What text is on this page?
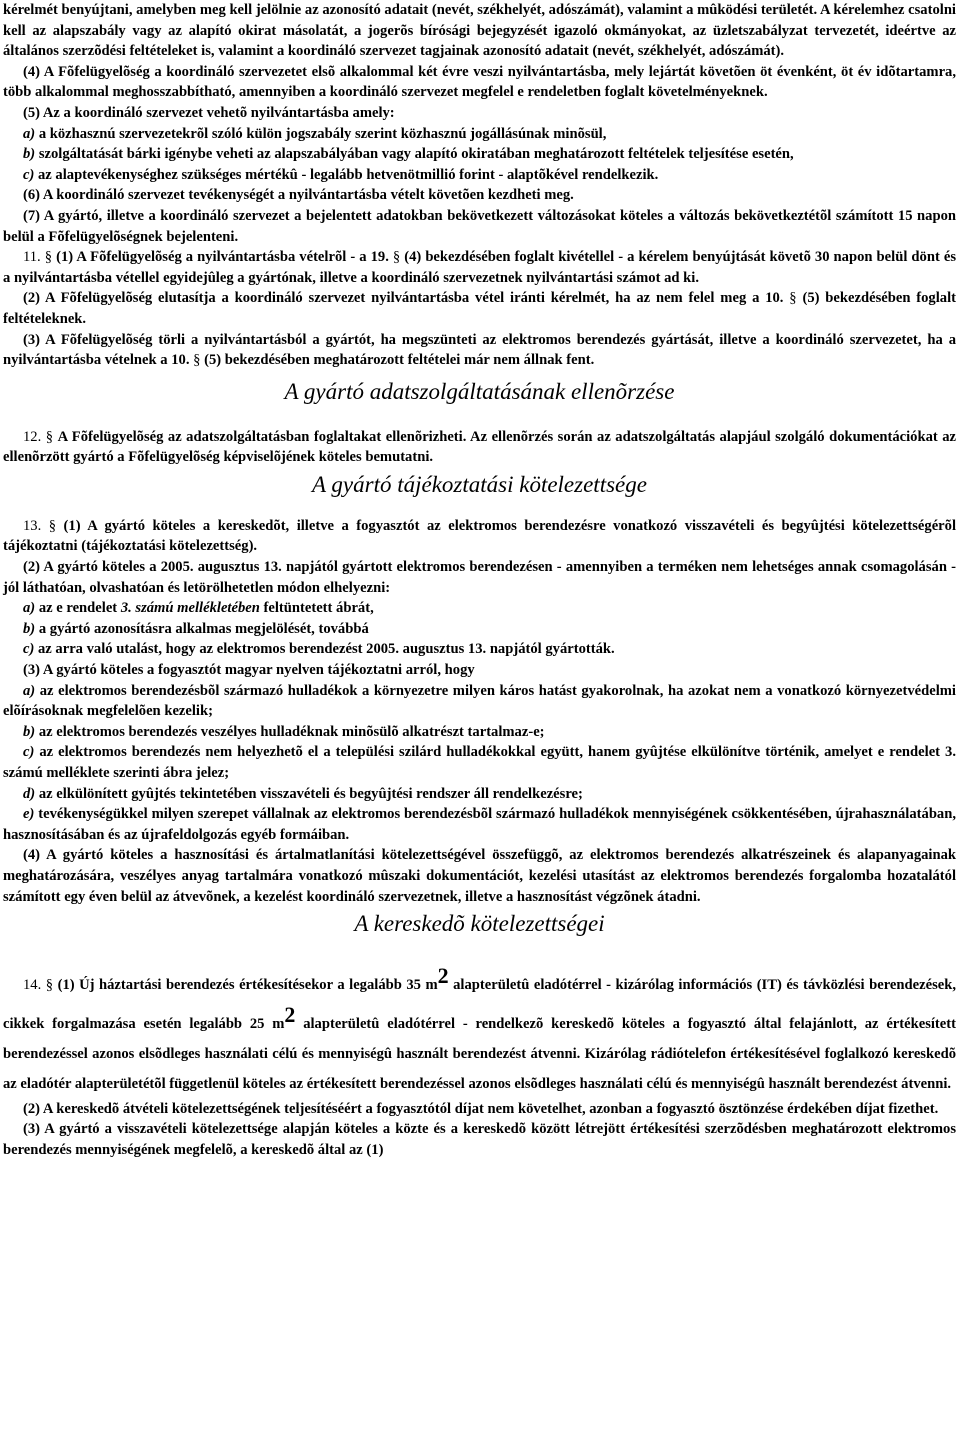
kérelmét benyújtani, amelyben meg kell jelölnie az azonosító adatait (nevét, székhelyét, adószámát), valamint a mûködési területét. A kérelemhez csatolni kell az alapszabály vagy az alapító okirat másolatát, a jogerõs bírósági bejegyzését igazoló okmányokat, az üzletszabályzat tervezetét, ideértve az általános szerzõdési feltételeket is, valamint a koordináló szervezet tagjainak azonosító adatait (nevét, székhelyét, adószámát).

(4) A Fõfelügyelõség a koordináló szervezetet elsõ alkalommal két évre veszi nyilvántartásba, mely lejártát követõen öt évenként, öt év idõtartamra, több alkalommal meghosszabbítható, amennyiben a koordináló szervezet megfelel e rendeletben foglalt követelményeknek.

(5) Az a koordináló szervezet vehetõ nyilvántartásba amely:

a) a közhasznú szervezetekrõl szóló külön jogszabály szerint közhasznú jogállásúnak minõsül,

b) szolgáltatását bárki igénybe veheti az alapszabályában vagy alapító okiratában meghatározott feltételek teljesítése esetén,

c) az alaptevékenységhez szükséges mértékû - legalább hetvenötmillió forint - alaptõkével rendelkezik.

(6) A koordináló szervezet tevékenységét a nyilvántartásba vételt követõen kezdheti meg.

(7) A gyártó, illetve a koordináló szervezet a bejelentett adatokban bekövetkezett változásokat köteles a változás bekövetkeztétõl számított 15 napon belül a Fõfelügyelõségnek bejelenteni.

11. § (1) A Fõfelügyelõség a nyilvántartásba vételrõl - a 19. § (4) bekezdésében foglalt kivétellel - a kérelem benyújtását követõ 30 napon belül dönt és a nyilvántartásba vétellel egyidejûleg a gyártónak, illetve a koordináló szervezetnek nyilvántartási számot ad ki.

(2) A Fõfelügyelõség elutasítja a koordináló szervezet nyilvántartásba vétel iránti kérelmét, ha az nem felel meg a 10. § (5) bekezdésében foglalt feltételeknek.

(3) A Fõfelügyelõség törli a nyilvántartásból a gyártót, ha megszünteti az elektromos berendezés gyártását, illetve a koordináló szervezetet, ha a nyilvántartásba vételnek a 10. § (5) bekezdésében meghatározott feltételei már nem állnak fent.

A gyártó adatszolgáltatásának ellenõrzése

12. § A Fõfelügyelõség az adatszolgáltatásban foglaltakat ellenõrizheti. Az ellenõrzés során az adatszolgáltatás alapjául szolgáló dokumentációkat az ellenõrzött gyártó a Fõfelügyelõség képviselõjének köteles bemutatni.

A gyártó tájékoztatási kötelezettsége

13. § (1) A gyártó köteles a kereskedõt, illetve a fogyasztót az elektromos berendezésre vonatkozó visszavételi és begyûjtési kötelezettségérõl tájékoztatni (tájékoztatási kötelezettség).

(2) A gyártó köteles a 2005. augusztus 13. napjától gyártott elektromos berendezésen - amennyiben a terméken nem lehetséges annak csomagolásán - jól láthatóan, olvashatóan és letörölhetetlen módon elhelyezni:

a) az e rendelet 3. számú mellékletében feltüntetett ábrát,

b) a gyártó azonosításra alkalmas megjelölését, továbbá

c) az arra való utalást, hogy az elektromos berendezést 2005. augusztus 13. napjától gyártották.

(3) A gyártó köteles a fogyasztót magyar nyelven tájékoztatni arról, hogy

a) az elektromos berendezésbõl származó hulladékok a környezetre milyen káros hatást gyakorolnak, ha azokat nem a vonatkozó környezetvédelmi elõírásoknak megfelelõen kezelik;

b) az elektromos berendezés veszélyes hulladéknak minõsülõ alkatrészt tartalmaz-e;

c) az elektromos berendezés nem helyezhetõ el a települési szilárd hulladékokkal együtt, hanem gyûjtése elkülönítve történik, amelyet e rendelet 3. számú melléklete szerinti ábra jelez;

d) az elkülönített gyûjtés tekintetében visszavételi és begyûjtési rendszer áll rendelkezésre;

e) tevékenységükkel milyen szerepet vállalnak az elektromos berendezésbõl származó hulladékok mennyiségének csökkentésében, újrahasználatában, hasznosításában és az újrafeldolgozás egyéb formáiban.

(4) A gyártó köteles a hasznosítási és ártalmatlanítási kötelezettségével összefüggõ, az elektromos berendezés alkatrészeinek és alapanyagainak meghatározására, veszélyes anyag tartalmára vonatkozó mûszaki dokumentációt, kezelési utasítást az elektromos berendezés forgalomba hozatalától számított egy éven belül az átvevõnek, a kezelést koordináló szervezetnek, illetve a hasznosítást végzõnek átadni.

A kereskedõ kötelezettségei

14. § (1) Új háztartási berendezés értékesítésekor a legalább 35 $m^2$ alapterületû eladótérrel - kizárólag információs (IT) és távközlési berendezések, cikkek forgalmazása esetén legalább 25 $m^2$ alapterületû eladótérrel - rendelkezõ kereskedõ köteles a fogyasztó által felajánlott, az értékesített berendezéssel azonos elsõdleges használati célú és mennyiségû használt berendezést átvenni. Kizárólag rádiótelefon értékesítésével foglalkozó kereskedõ az eladótér alapterületétõl függetlenül köteles az értékesített berendezéssel azonos elsõdleges használati célú és mennyiségû használt berendezést átvenni.

(2) A kereskedõ átvételi kötelezettségének teljesítéséért a fogyasztótól díjat nem követelhet, azonban a fogyasztó ösztönzése érdekében díjat fizethet.

(3) A gyártó a visszavételi kötelezettsége alapján köteles a közte és a kereskedõ között létrejött értékesítési szerzõdésben meghatározott elektromos berendezés mennyiségének megfelelõ, a kereskedõ által az (1)
